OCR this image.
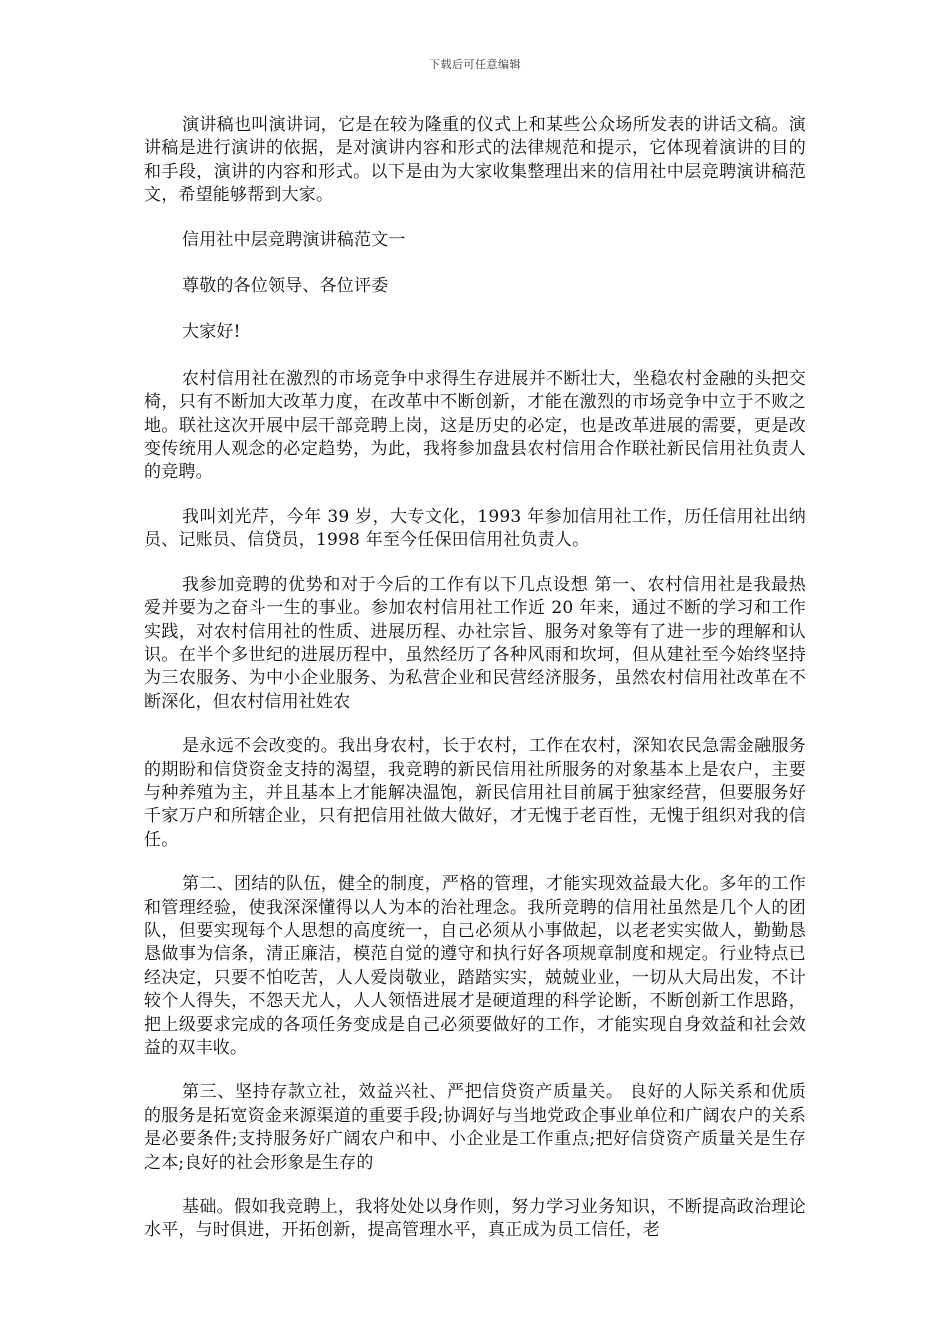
下载后可任意编辑

演讲稿也叫演讲词，它是在较为隆重的仪式上和某些公众场所发表的讲话文稿。演讲稿是进行演讲的依据，是对演讲内容和形式的法律规范和提示，它体现着演讲的目的和手段，演讲的内容和形式。以下是由为大家收集整理出来的信用社中层竞聘演讲稿范文，希望能够帮到大家。

信用社中层竞聘演讲稿范文一

尊敬的各位领导、各位评委

大家好!

农村信用社在激烈的市场竞争中求得生存进展并不断壮大，坐稳农村金融的头把交椅，只有不断加大改革力度，在改革中不断创新，才能在激烈的市场竞争中立于不败之地。联社这次开展中层干部竞聘上岗，这是历史的必定，也是改革进展的需要，更是改变传统用人观念的必定趋势，为此，我将参加盘县农村信用合作联社新民信用社负责人的竞聘。

我叫刘光芹，今年 39 岁，大专文化，1993 年参加信用社工作，历任信用社出纳员、记账员、信贷员，1998 年至今任保田信用社负责人。

我参加竞聘的优势和对于今后的工作有以下几点设想 第一、农村信用社是我最热爱并要为之奋斗一生的事业。参加农村信用社工作近 20 年来，通过不断的学习和工作实践，对农村信用社的性质、进展历程、办社宗旨、服务对象等有了进一步的理解和认识。在半个多世纪的进展历程中，虽然经历了各种风雨和坎坷，但从建社至今始终坚持为三农服务、为中小企业服务、为私营企业和民营经济服务，虽然农村信用社改革在不断深化，但农村信用社姓农

是永远不会改变的。我出身农村，长于农村，工作在农村，深知农民急需金融服务的期盼和信贷资金支持的渴望，我竞聘的新民信用社所服务的对象基本上是农户，主要与种养殖为主，并且基本上才能解决温饱，新民信用社目前属于独家经营，但要服务好千家万户和所辖企业，只有把信用社做大做好，才无愧于老百性，无愧于组织对我的信任。

第二、团结的队伍，健全的制度，严格的管理，才能实现效益最大化。多年的工作和管理经验，使我深深懂得以人为本的治社理念。我所竞聘的信用社虽然是几个人的团队，但要实现每个人思想的高度统一，自己必须从小事做起，以老老实实做人，勤勤恳恳做事为信条，清正廉洁，模范自觉的遵守和执行好各项规章制度和规定。行业特点已经决定，只要不怕吃苦，人人爱岗敬业，踏踏实实，兢兢业业，一切从大局出发，不计较个人得失，不怨天尤人，人人领悟进展才是硬道理的科学论断，不断创新工作思路，把上级要求完成的各项任务变成是自己必须要做好的工作，才能实现自身效益和社会效益的双丰收。

第三、坚持存款立社，效益兴社、严把信贷资产质量关。 良好的人际关系和优质的服务是拓宽资金来源渠道的重要手段;协调好与当地党政企事业单位和广阔农户的关系是必要条件;支持服务好广阔农户和中、小企业是工作重点;把好信贷资产质量关是生存之本;良好的社会形象是生存的

基础。假如我竞聘上，我将处处以身作则，努力学习业务知识，不断提高政治理论水平，与时俱进，开拓创新，提高管理水平，真正成为员工信任，老
